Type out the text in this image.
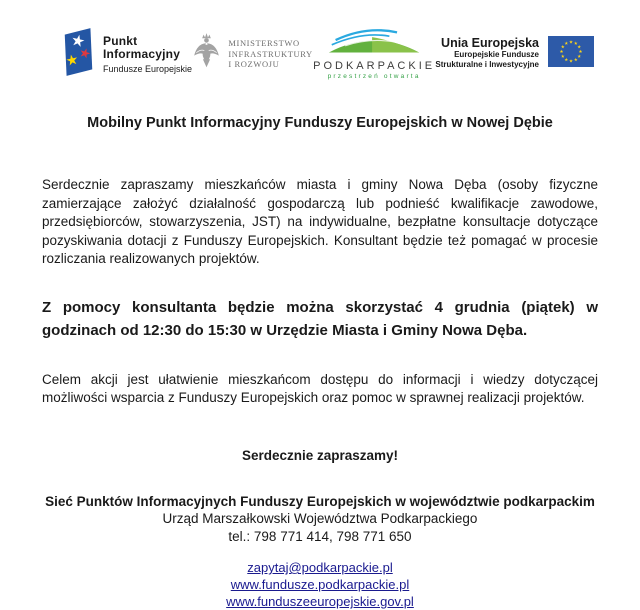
Punkt
Informacyjny
Fundusze Europejskie
MINISTERSTWO
INFRASTRUKTURY
I ROZWOJU	PODKARPACKIE
przestrzeń otwarta
Unia Europejska
Europejskie Fundusze
Strukturalne i Inwestycyjne
Mobilny Punkt Informacyjny Funduszy Europejskich w Nowej Dębie

Serdecznie zapraszamy mieszkańców miasta i gminy Nowa Dęba (osoby fizyczne zamierzające założyć działalność gospodarczą lub podnieść kwalifikacje zawodowe, przedsiębiorców, stowarzyszenia, JST) na indywidualne, bezpłatne konsultacje dotyczące pozyskiwania dotacji z Funduszy Europejskich. Konsultant będzie też pomagać w procesie rozliczania realizowanych projektów.

Z pomocy konsultanta będzie można skorzystać 4 grudnia (piątek) w godzinach od 12:30 do 15:30 w Urzędzie Miasta i Gminy Nowa Dęba.

Celem akcji jest ułatwienie mieszkańcom dostępu do informacji i wiedzy dotyczącej możliwości wsparcia z Funduszy Europejskich oraz pomoc w sprawnej realizacji projektów.

Serdecznie zapraszamy!
Sieć Punktów Informacyjnych Funduszy Europejskich w województwie podkarpackim
Urząd Marszałkowski Województwa Podkarpackiego
tel.: 798 771 414, 798 771 650
zapytaj@podkarpackie.pl
www.fundusze.podkarpackie.pl
www.funduszeeuropejskie.gov.pl
